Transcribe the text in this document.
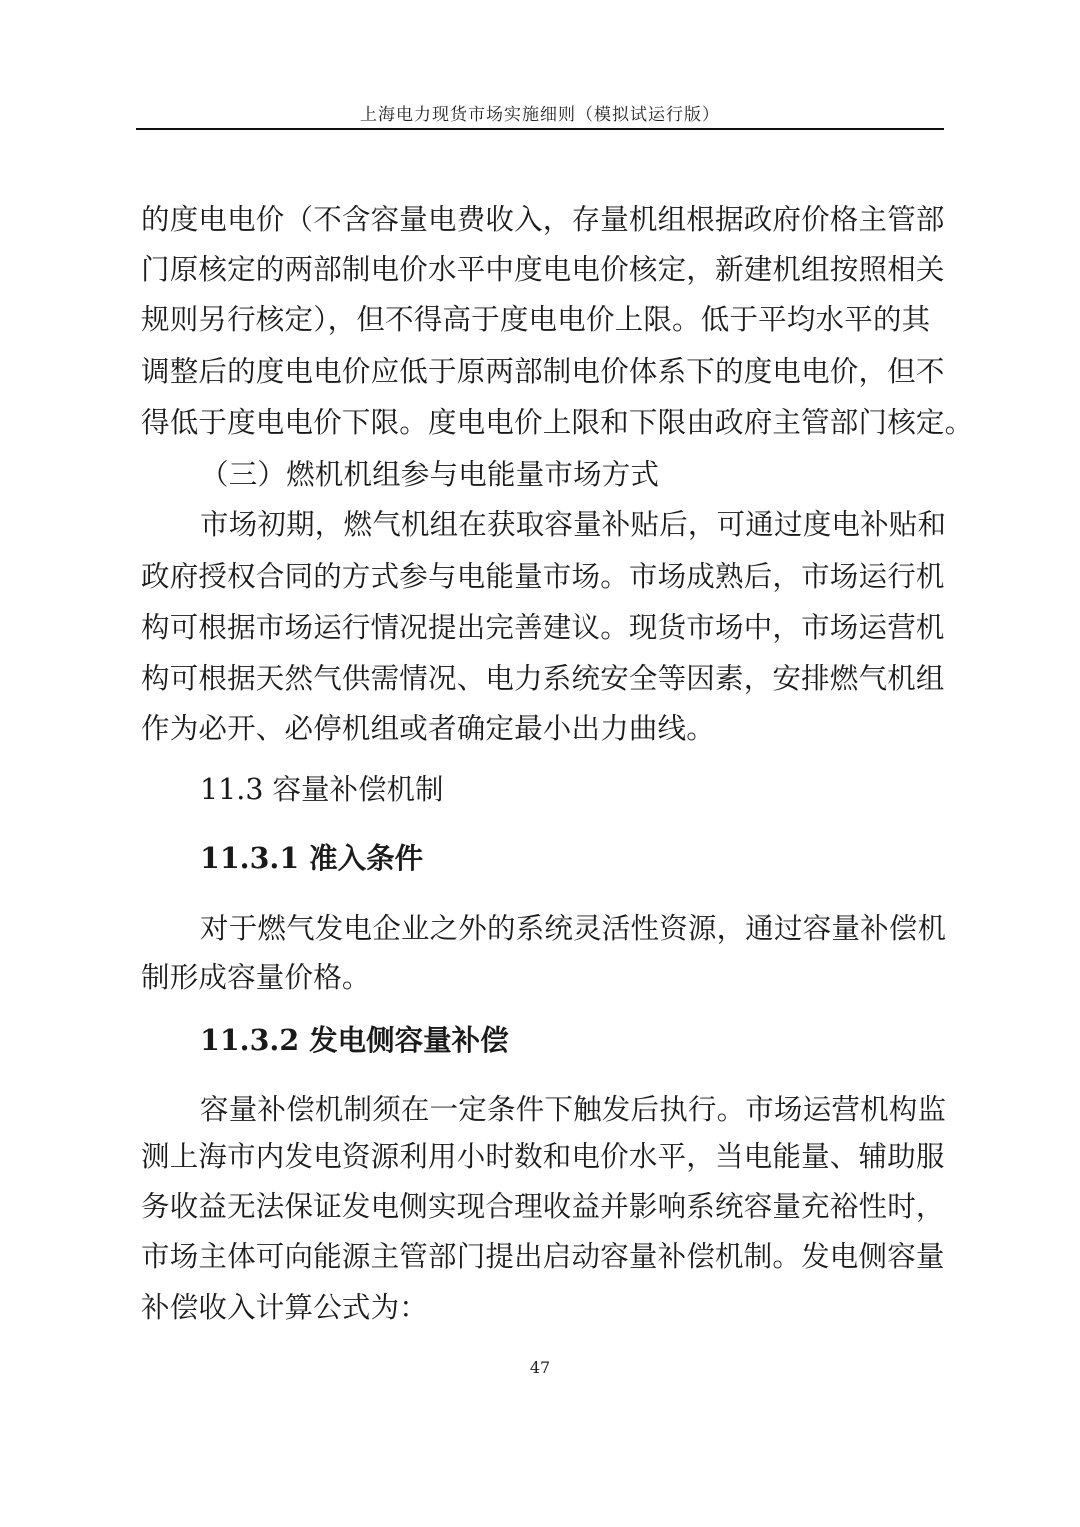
上海电力现货市场实施细则（模拟试运行版）
的度电电价（不含容量电费收入，存量机组根据政府价格主管部
门原核定的两部制电价水平中度电电价核定，新建机组按照相关
规则另行核定），但不得高于度电电价上限。低于平均水平的其
调整后的度电电价应低于原两部制电价体系下的度电电价，但不
得低于度电电价下限。度电电价上限和下限由政府主管部门核定。
（三）燃机机组参与电能量市场方式
市场初期，燃气机组在获取容量补贴后，可通过度电补贴和
政府授权合同的方式参与电能量市场。市场成熟后，市场运行机
构可根据市场运行情况提出完善建议。现货市场中，市场运营机
构可根据天然气供需情况、电力系统安全等因素，安排燃气机组
作为必开、必停机组或者确定最小出力曲线。
11.3 容量补偿机制
11.3.1 准入条件
对于燃气发电企业之外的系统灵活性资源，通过容量补偿机
制形成容量价格。
11.3.2 发电侧容量补偿
容量补偿机制须在一定条件下触发后执行。市场运营机构监
测上海市内发电资源利用小时数和电价水平，当电能量、辅助服
务收益无法保证发电侧实现合理收益并影响系统容量充裕性时，
市场主体可向能源主管部门提出启动容量补偿机制。发电侧容量
补偿收入计算公式为：
47
